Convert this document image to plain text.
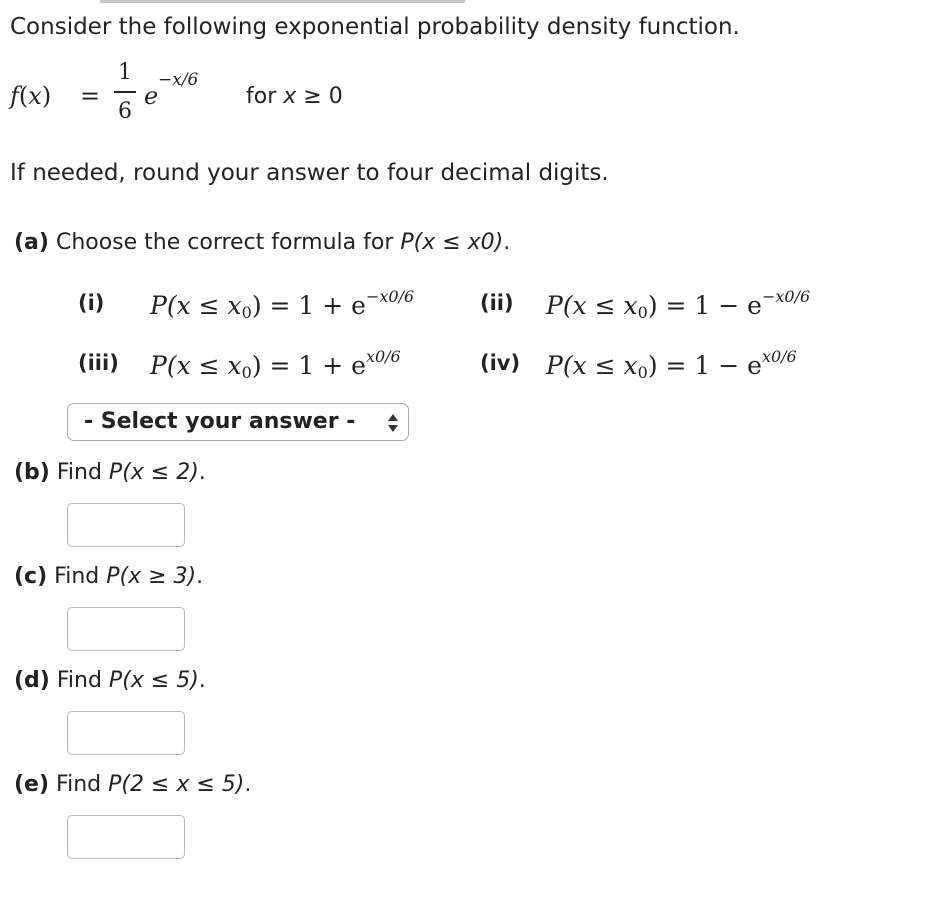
Consider the following exponential probability density function.
f(x) =
1
6
e
−x/6
for x ≥ 0
If needed, round your answer to four decimal digits.
(a) Choose the correct formula for P(x ≤ x0).
(i) $P(x \le x_0) = 1 + e^{-x0/6}$	(ii) $P(x \le x_0) = 1 - e^{-x0/6}$
(iii) $P(x \le x_0) = 1 + e^{x0/6}$	(iv) $P(x \le x_0) = 1 - e^{x0/6}$
- Select your answer -
(b) Find P(x ≤ 2).
(c) Find P(x ≥ 3).
(d) Find P(x ≤ 5).
(e) Find P(2 ≤ x ≤ 5).
